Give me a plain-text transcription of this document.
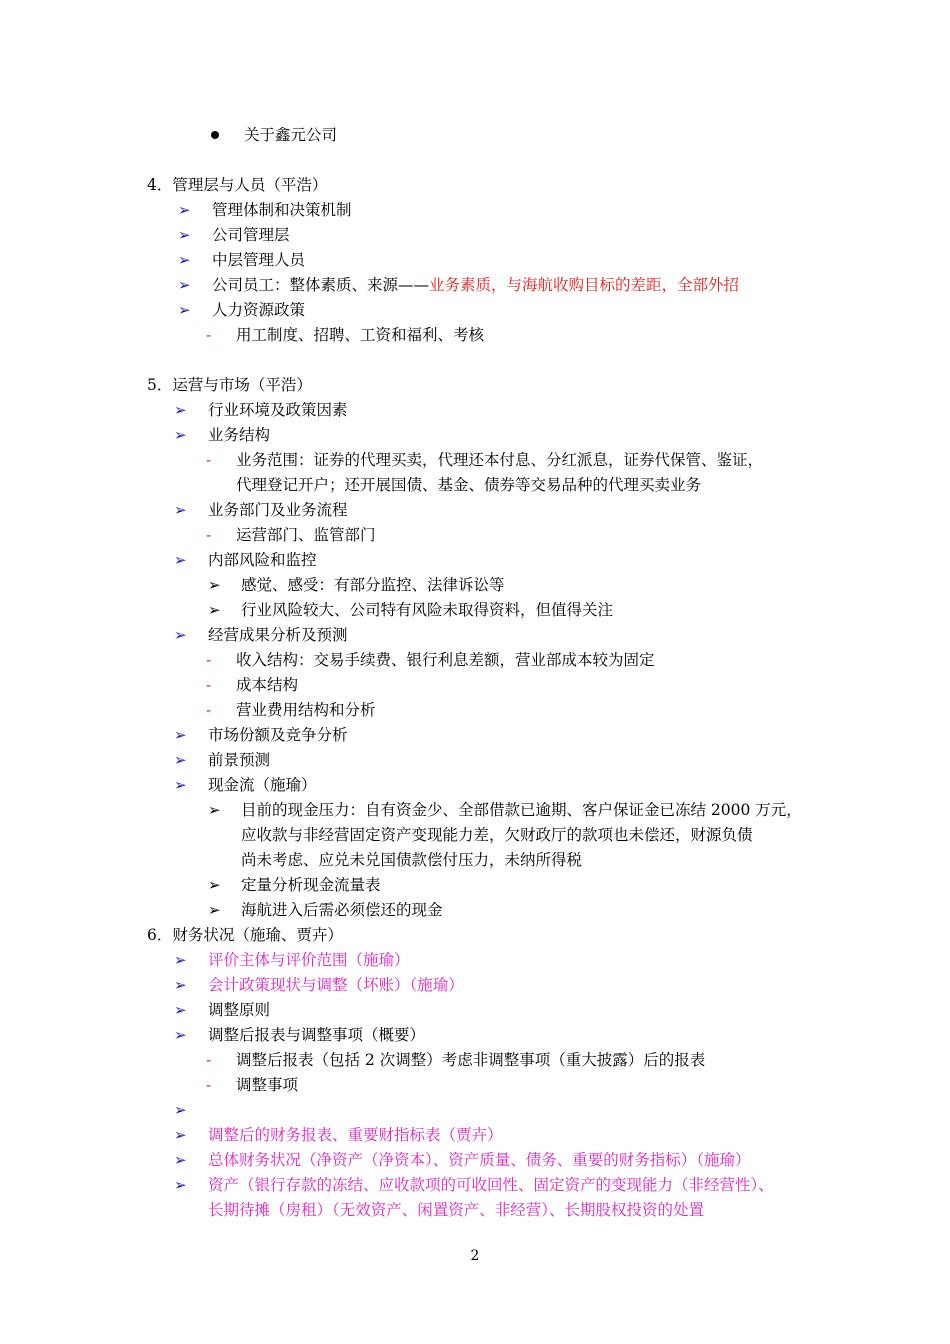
关于鑫元公司
4．管理层与人员（平浩）
➢ 管理体制和决策机制
➢ 公司管理层
➢ 中层管理人员
➢ 公司员工：整体素质、来源——业务素质，与海航收购目标的差距，全部外招
➢ 人力资源政策
- 用工制度、招聘、工资和福利、考核
5．运营与市场（平浩）
➢ 行业环境及政策因素
➢ 业务结构
- 业务范围：证券的代理买卖，代理还本付息、分红派息，证券代保管、鉴证，
代理登记开户；还开展国债、基金、债券等交易品种的代理买卖业务
➢ 业务部门及业务流程
- 运营部门、监管部门
➢ 内部风险和监控
➢ 感觉、感受：有部分监控、法律诉讼等
➢ 行业风险较大、公司特有风险未取得资料，但值得关注
➢ 经营成果分析及预测
- 收入结构：交易手续费、银行利息差额，营业部成本较为固定
- 成本结构
- 营业费用结构和分析
➢ 市场份额及竞争分析
➢ 前景预测
➢ 现金流（施瑜）
➢ 目前的现金压力：自有资金少、全部借款已逾期、客户保证金已冻结 2000 万元，
应收款与非经营固定资产变现能力差，欠财政厅的款项也未偿还，财源负债
尚未考虑、应兑未兑国债款偿付压力，未纳所得税
➢ 定量分析现金流量表
➢ 海航进入后需必须偿还的现金
6．财务状况（施瑜、贾卉）
➢ 评价主体与评价范围（施瑜）
➢ 会计政策现状与调整（坏账）（施瑜）
➢ 调整原则
➢ 调整后报表与调整事项（概要）
- 调整后报表（包括 2 次调整）考虑非调整事项（重大披露）后的报表
- 调整事项
➢
➢ 调整后的财务报表、重要财指标表（贾卉）
➢ 总体财务状况（净资产（净资本）、资产质量、债务、重要的财务指标）（施瑜）
➢ 资产（银行存款的冻结、应收款项的可收回性、固定资产的变现能力（非经营性）、
长期待摊（房租）（无效资产、闲置资产、非经营）、长期股权投资的处置
2
